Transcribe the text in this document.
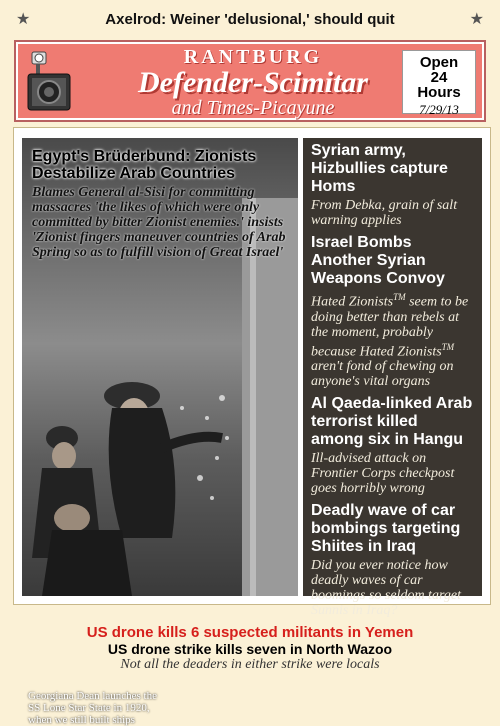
★	★
Axelrod: Weiner 'delusional,' should quit
RANTBURG
Defender-Scimitar
and Times-Picayune
Open
24
Hours
7/29/13
Egypt's Brüderbund: Zionists Destabilize Arab Countries
Blames General al-Sisi for committing massacres 'the likes of which were only committed by bitter Zionist enemies.' insists 'Zionist fingers maneuver countries of Arab Spring so as to fulfill vision of Great Israel'
Georgiana Dean launches the SS Lone Star State in 1920, when we still built ships
Syrian army, Hizbullies capture Homs

From Debka, grain of salt warning applies

Israel Bombs Another Syrian Weapons Convoy

Hated Zionists™ seem to be doing better than rebels at the moment, probably because Hated Zionists™ aren't fond of chewing on anyone's vital organs

Al Qaeda-linked Arab terrorist killed among six in Hangu

Ill-advised attack on Frontier Corps checkpost goes horribly wrong

Deadly wave of car bombings targeting Shiites in Iraq

Did you ever notice how deadly waves of car boomings so seldom target Sunnis in Iraq?

US drone kills 6 suspected militants in Yemen
US drone strike kills seven in North Wazoo
Not all the deaders in either strike were locals
